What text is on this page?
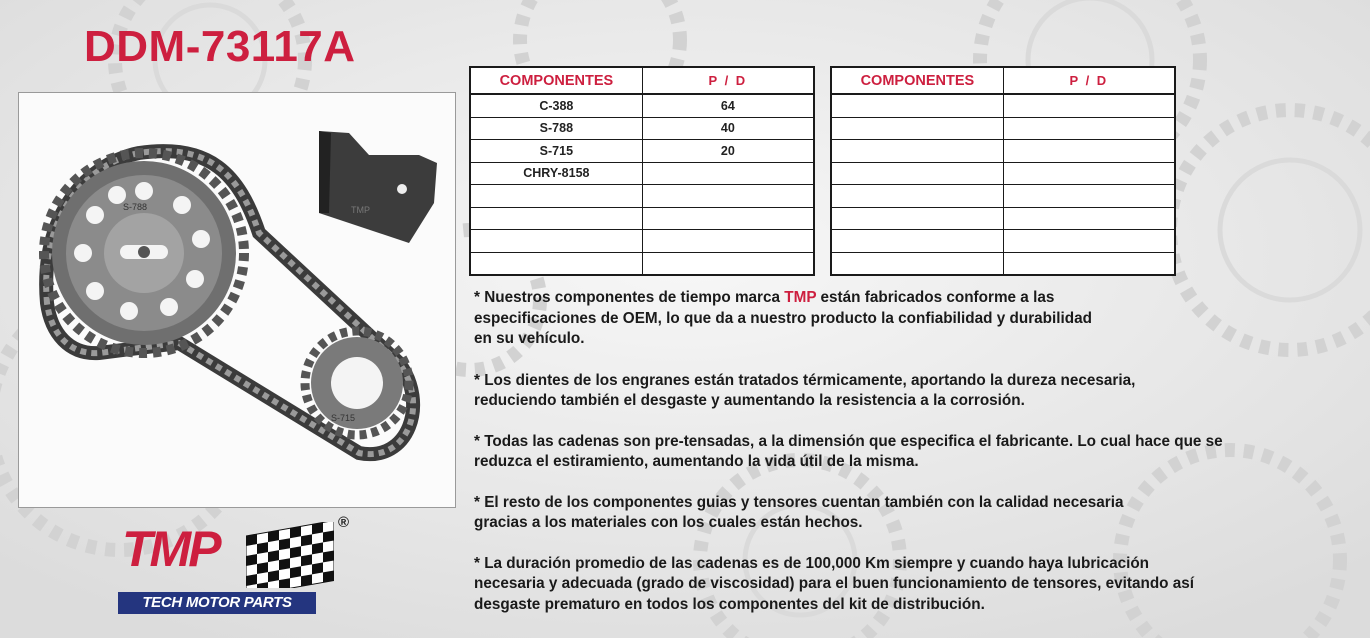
DDM-73117A
S-788
S-715
TMP
TMP	®
TECH MOTOR PARTS
COMPONENTES	P / D
C-388	64
S-788	40
S-715	20
CHRY-8158	

COMPONENTES	P / D

* Nuestros componentes de tiempo marca TMP están fabricados conforme a las
especificaciones de OEM, lo que da a nuestro producto la confiabilidad y durabilidad
en su vehículo.

* Los dientes de los engranes están tratados térmicamente, aportando la dureza necesaria,
reduciendo también el desgaste y aumentando la resistencia a la corrosión.

* Todas las cadenas son pre-tensadas, a la dimensión que especifica el fabricante. Lo cual hace que se
reduzca el estiramiento, aumentando la vida útil de la misma.

* El resto de los componentes guias y tensores cuentan también con la calidad necesaria
gracias a los materiales con los cuales están hechos.

* La duración promedio de las cadenas es de 100,000 Km siempre y cuando haya lubricación
necesaria y adecuada (grado de viscosidad) para el buen funcionamiento de tensores, evitando así
desgaste prematuro en todos los componentes del kit de distribución.
